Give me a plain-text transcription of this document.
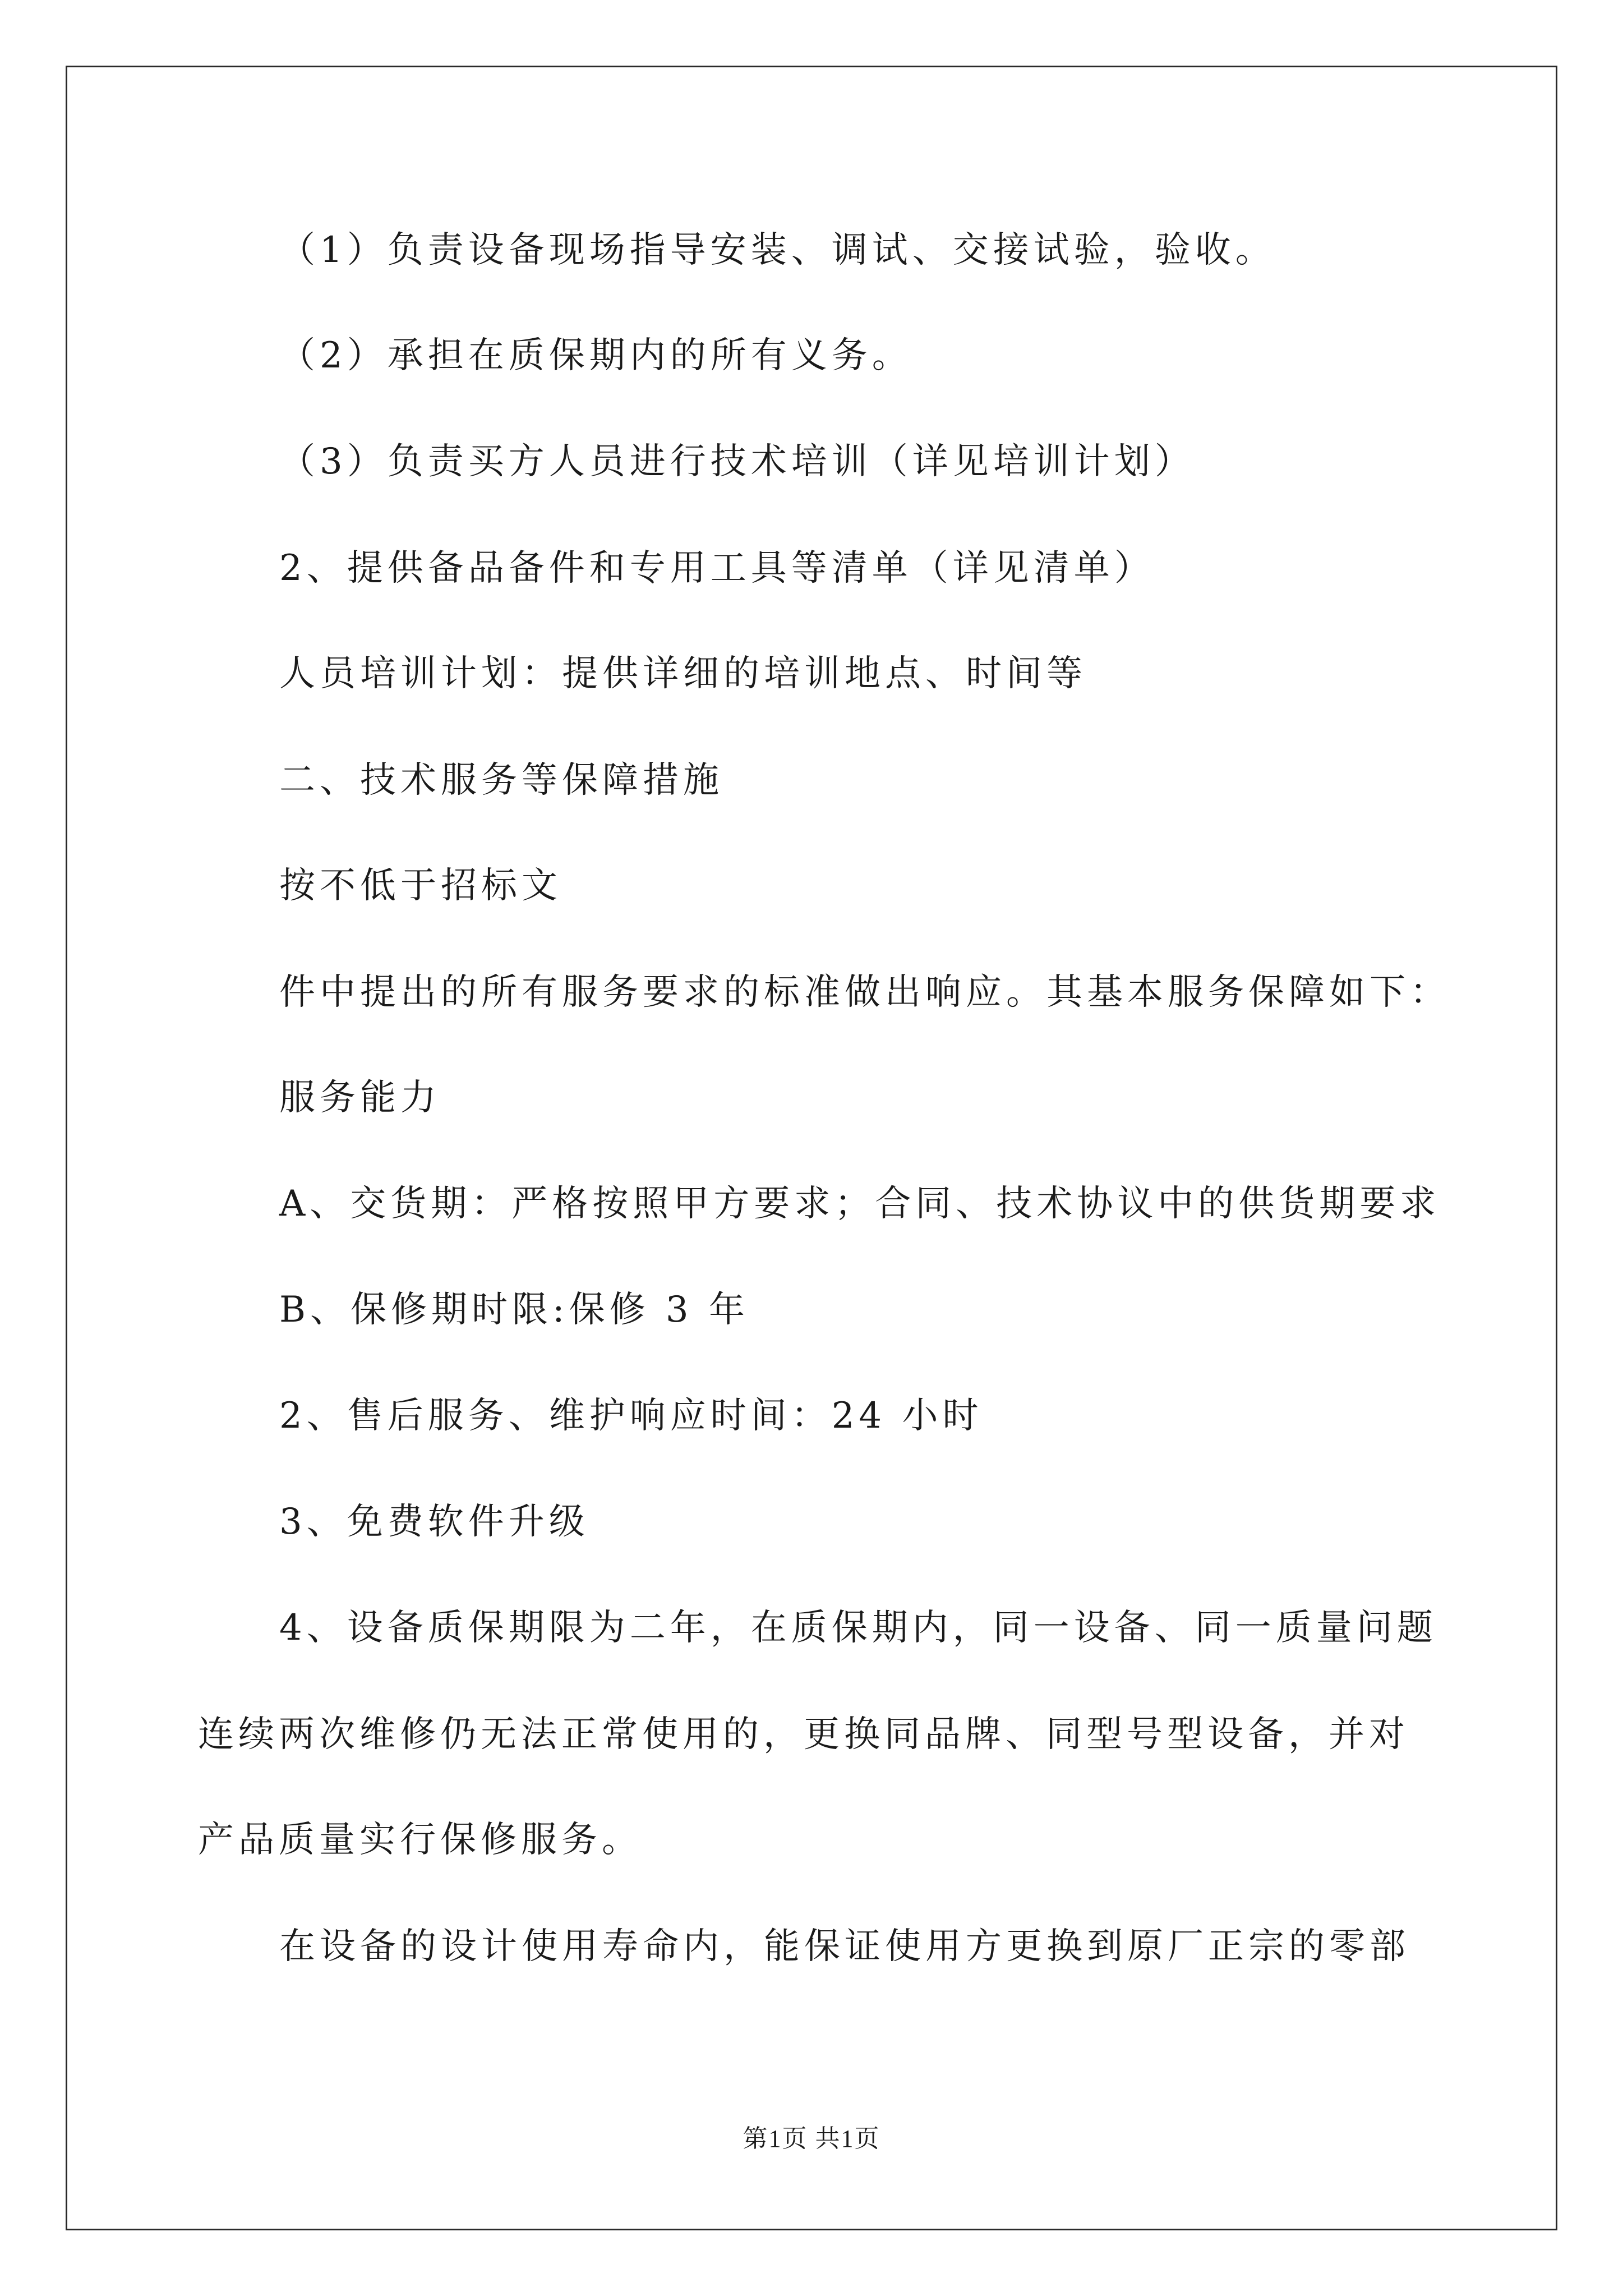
（1）负责设备现场指导安装、调试、交接试验，验收。
（2）承担在质保期内的所有义务。
（3）负责买方人员进行技术培训（详见培训计划）
2、提供备品备件和专用工具等清单（详见清单）
人员培训计划：提供详细的培训地点、时间等
二、技术服务等保障措施
按不低于招标文
件中提出的所有服务要求的标准做出响应。其基本服务保障如下：
服务能力
A、交货期：严格按照甲方要求；合同、技术协议中的供货期要求
B、保修期时限:保修 3 年
2、售后服务、维护响应时间：24 小时
3、免费软件升级
4、设备质保期限为二年，在质保期内，同一设备、同一质量问题
连续两次维修仍无法正常使用的，更换同品牌、同型号型设备，并对
产品质量实行保修服务。
在设备的设计使用寿命内，能保证使用方更换到原厂正宗的零部
第1页 共1页
